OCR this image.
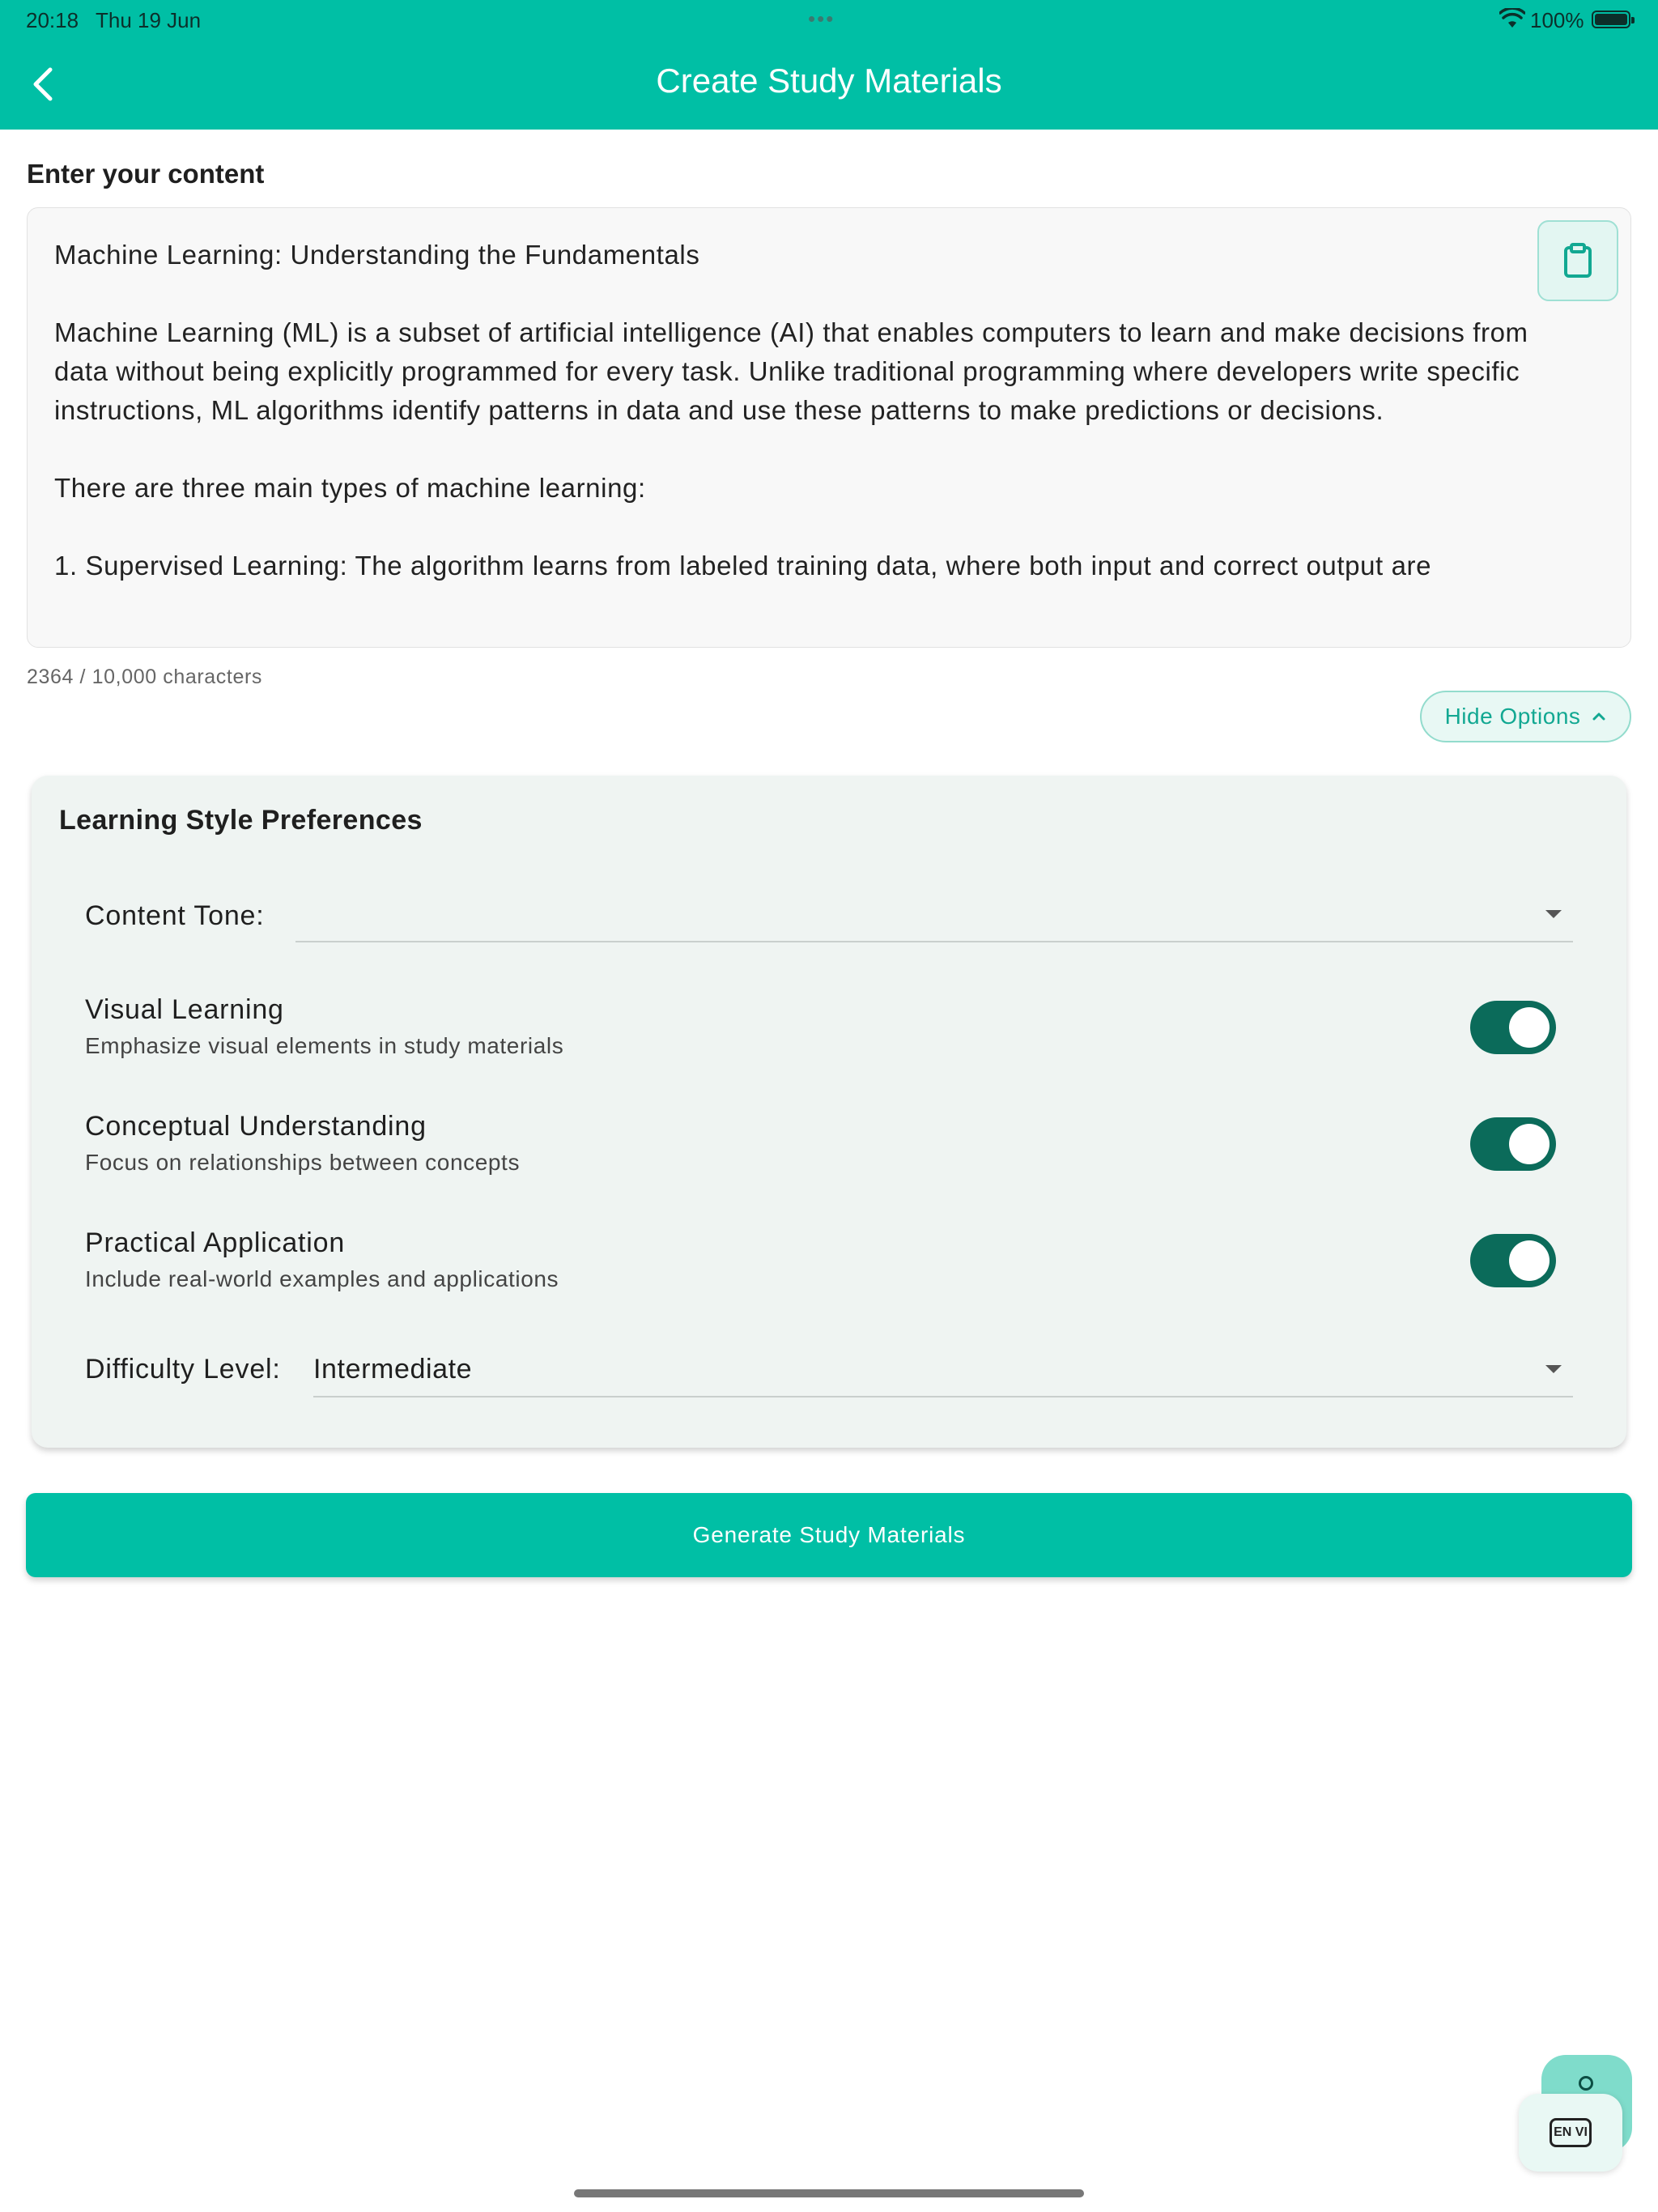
20:18 Thu 19 Jun	•••	100%
Create Study Materials
Enter your content
Machine Learning: Understanding the Fundamentals

Machine Learning (ML) is a subset of artificial intelligence (AI) that enables computers to learn and make decisions from data without being explicitly programmed for every task. Unlike traditional programming where developers write specific instructions, ML algorithms identify patterns in data and use these patterns to make predictions or decisions.

There are three main types of machine learning:

1. Supervised Learning: The algorithm learns from labeled training data, where both input and correct output are
2364 / 10,000 characters
Hide Options
Learning Style Preferences
Content Tone:
Visual Learning
Emphasize visual elements in study materials
Conceptual Understanding
Focus on relationships between concepts
Practical Application
Include real-world examples and applications
Difficulty Level: Intermediate
Generate Study Materials
EN VI
